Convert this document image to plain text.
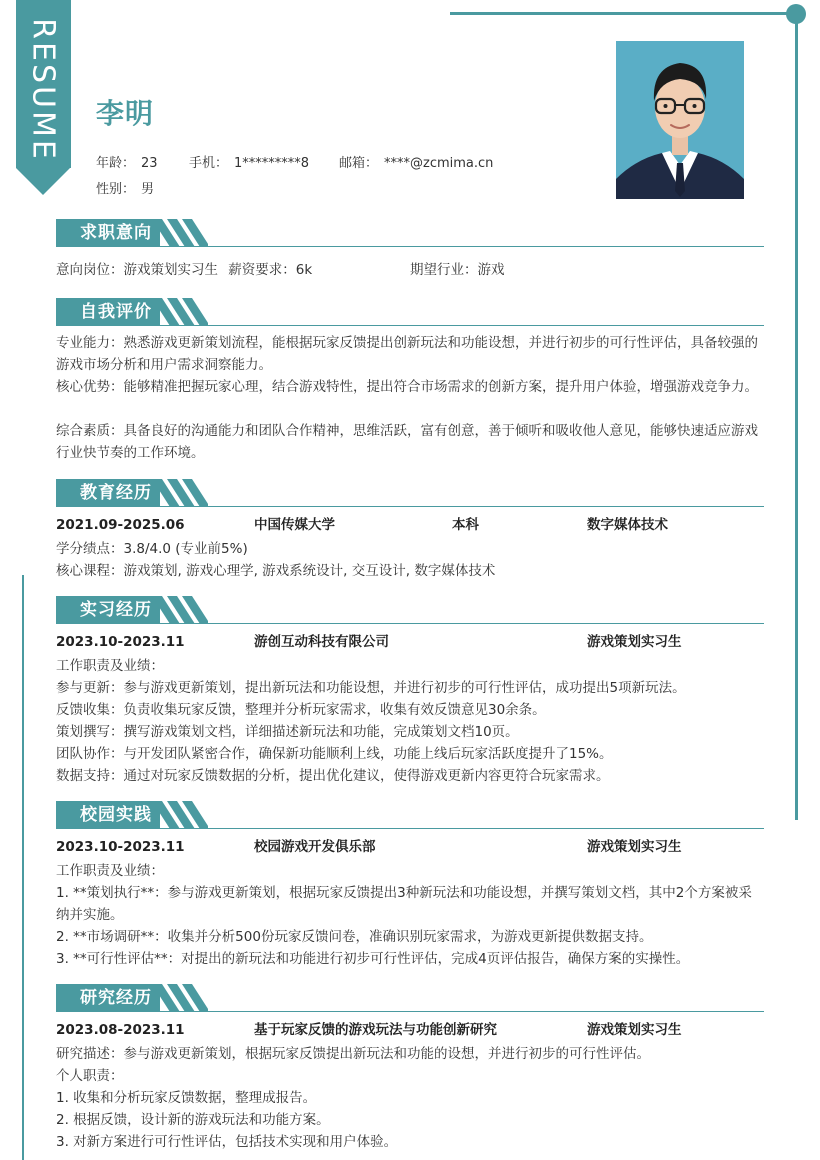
RESUME 李明
年龄： 23 手机： 1*********8 邮箱： ****@zcmima.cn
性别： 男
求职意向
意向岗位：游戏策划实习生 薪资要求：6k	期望行业：游戏
自我评价
专业能力：熟悉游戏更新策划流程，能根据玩家反馈提出创新玩法和功能设想，并进行初步的可行性评估，具备较强的游戏市场分析和用户需求洞察能力。
核心优势：能够精准把握玩家心理，结合游戏特性，提出符合市场需求的创新方案，提升用户体验，增强游戏竞争力。
综合素质：具备良好的沟通能力和团队合作精神，思维活跃，富有创意，善于倾听和吸收他人意见，能够快速适应游戏行业快节奏的工作环境。
教育经历
2021.09-2025.06	中国传媒大学	本科	数字媒体技术
学分绩点：3.8/4.0 (专业前5%)
核心课程：游戏策划, 游戏心理学, 游戏系统设计, 交互设计, 数字媒体技术
实习经历
2023.10-2023.11	游创互动科技有限公司	游戏策划实习生
工作职责及业绩：
参与更新：参与游戏更新策划，提出新玩法和功能设想，并进行初步的可行性评估，成功提出5项新玩法。
反馈收集：负责收集玩家反馈，整理并分析玩家需求，收集有效反馈意见30余条。
策划撰写：撰写游戏策划文档，详细描述新玩法和功能，完成策划文档10页。
团队协作：与开发团队紧密合作，确保新功能顺利上线，功能上线后玩家活跃度提升了15%。
数据支持：通过对玩家反馈数据的分析，提出优化建议，使得游戏更新内容更符合玩家需求。
校园实践
2023.10-2023.11	校园游戏开发俱乐部	游戏策划实习生
工作职责及业绩：
1. **策划执行**：参与游戏更新策划，根据玩家反馈提出3种新玩法和功能设想，并撰写策划文档，其中2个方案被采纳并实施。
2. **市场调研**：收集并分析500份玩家反馈问卷，准确识别玩家需求，为游戏更新提供数据支持。
3. **可行性评估**：对提出的新玩法和功能进行初步可行性评估，完成4页评估报告，确保方案的实操性。
研究经历
2023.08-2023.11	基于玩家反馈的游戏玩法与功能创新研究	游戏策划实习生
研究描述：参与游戏更新策划，根据玩家反馈提出新玩法和功能的设想，并进行初步的可行性评估。
个人职责：
1. 收集和分析玩家反馈数据，整理成报告。
2. 根据反馈，设计新的游戏玩法和功能方案。
3. 对新方案进行可行性评估，包括技术实现和用户体验。
